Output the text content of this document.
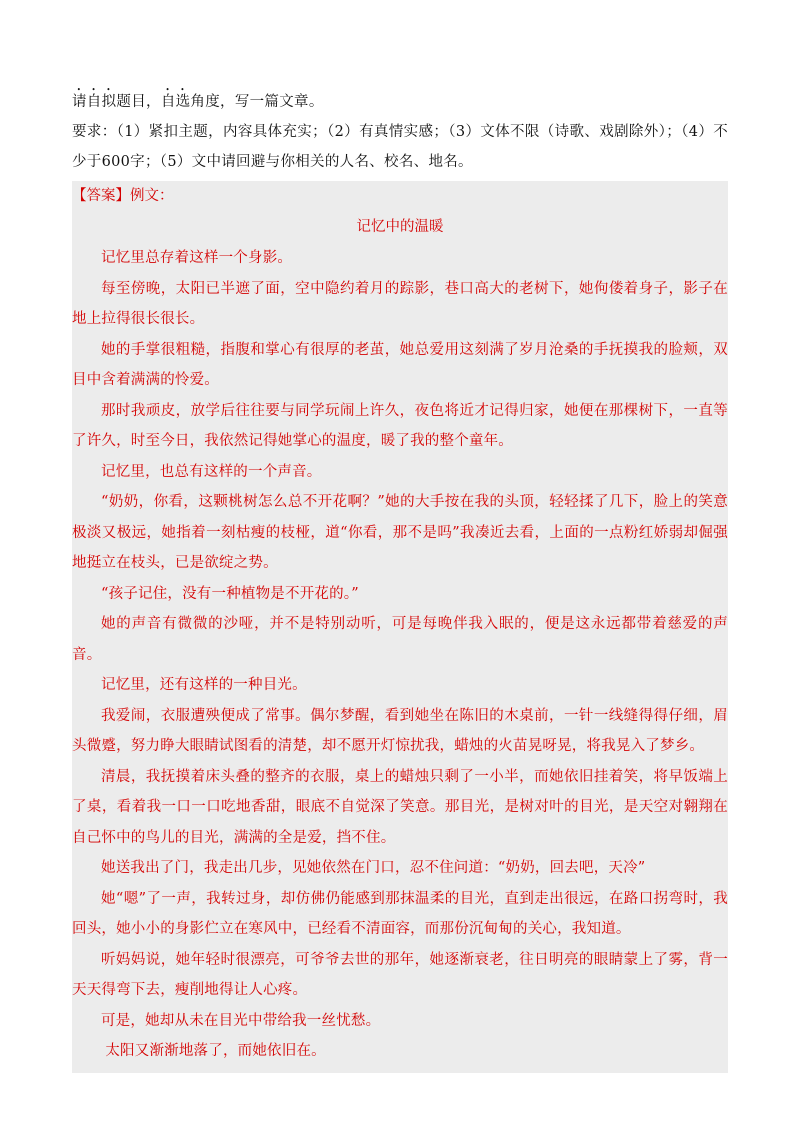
请自拟题目，自选角度，写一篇文章。
要求：（1）紧扣主题，内容具体充实；（2）有真情实感；（3）文体不限（诗歌、戏剧除外）；（4）不少于600字；（5）文中请回避与你相关的人名、校名、地名。
【答案】例文：
记忆中的温暖

记忆里总存着这样一个身影。

每至傍晚，太阳已半遮了面，空中隐约着月的踪影，巷口高大的老树下，她佝偻着身子，影子在地上拉得很长很长。

她的手掌很粗糙，指腹和掌心有很厚的老茧，她总爱用这刻满了岁月沧桑的手抚摸我的脸颊，双目中含着满满的怜爱。

那时我顽皮，放学后往往要与同学玩闹上许久，夜色将近才记得归家，她便在那棵树下，一直等了许久，时至今日，我依然记得她掌心的温度，暖了我的整个童年。

记忆里，也总有这样的一个声音。

“奶奶，你看，这颗桃树怎么总不开花啊？”她的大手按在我的头顶，轻轻揉了几下，脸上的笑意极淡又极远，她指着一刻枯瘦的枝桠，道“你看，那不是吗”我凑近去看，上面的一点粉红娇弱却倔强地挺立在枝头，已是欲绽之势。

“孩子记住，没有一种植物是不开花的。”

她的声音有微微的沙哑，并不是特别动听，可是每晚伴我入眠的，便是这永远都带着慈爱的声音。

记忆里，还有这样的一种目光。

我爱闹，衣服遭殃便成了常事。偶尔梦醒，看到她坐在陈旧的木桌前，一针一线缝得得仔细，眉头微蹙，努力睁大眼睛试图看的清楚，却不愿开灯惊扰我，蜡烛的火苗晃呀晃，将我晃入了梦乡。

清晨，我抚摸着床头叠的整齐的衣服，桌上的蜡烛只剩了一小半，而她依旧挂着笑，将早饭端上了桌，看着我一口一口吃地香甜，眼底不自觉深了笑意。那目光，是树对叶的目光，是天空对翱翔在自己怀中的鸟儿的目光，满满的全是爱，挡不住。

她送我出了门，我走出几步，见她依然在门口，忍不住问道：“奶奶，回去吧，天冷”

她“嗯”了一声，我转过身，却仿佛仍能感到那抹温柔的目光，直到走出很远，在路口拐弯时，我回头，她小小的身影伫立在寒风中，已经看不清面容，而那份沉甸甸的关心，我知道。

听妈妈说，她年轻时很漂亮，可爷爷去世的那年，她逐渐衰老，往日明亮的眼睛蒙上了雾，背一天天得弯下去，瘦削地得让人心疼。

可是，她却从未在目光中带给我一丝忧愁。

太阳又渐渐地落了，而她依旧在。
